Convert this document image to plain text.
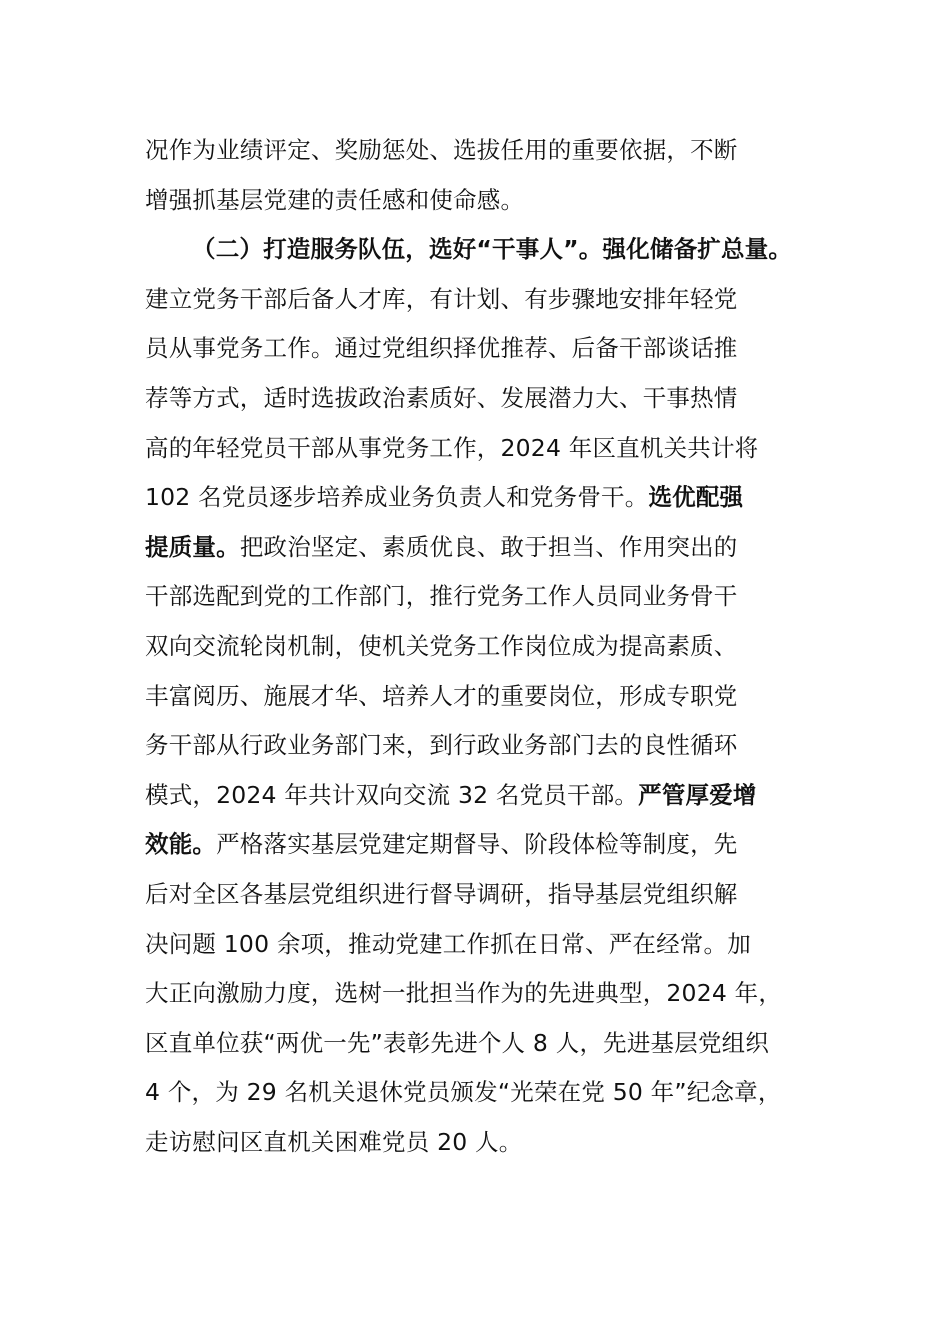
况作为业绩评定、奖励惩处、选拔任用的重要依据，不断
增强抓基层党建的责任感和使命感。
（二）打造服务队伍，选好“干事人”。强化储备扩总量。
建立党务干部后备人才库，有计划、有步骤地安排年轻党
员从事党务工作。通过党组织择优推荐、后备干部谈话推
荐等方式，适时选拔政治素质好、发展潜力大、干事热情
高的年轻党员干部从事党务工作，2024 年区直机关共计将
102 名党员逐步培养成业务负责人和党务骨干。选优配强
提质量。把政治坚定、素质优良、敢于担当、作用突出的
干部选配到党的工作部门，推行党务工作人员同业务骨干
双向交流轮岗机制，使机关党务工作岗位成为提高素质、
丰富阅历、施展才华、培养人才的重要岗位，形成专职党
务干部从行政业务部门来，到行政业务部门去的良性循环
模式，2024 年共计双向交流 32 名党员干部。严管厚爱增
效能。严格落实基层党建定期督导、阶段体检等制度，先
后对全区各基层党组织进行督导调研，指导基层党组织解
决问题 100 余项，推动党建工作抓在日常、严在经常。加
大正向激励力度，选树一批担当作为的先进典型，2024 年，
区直单位获“两优一先”表彰先进个人 8 人，先进基层党组织
4 个，为 29 名机关退休党员颁发“光荣在党 50 年”纪念章，
走访慰问区直机关困难党员 20 人。
